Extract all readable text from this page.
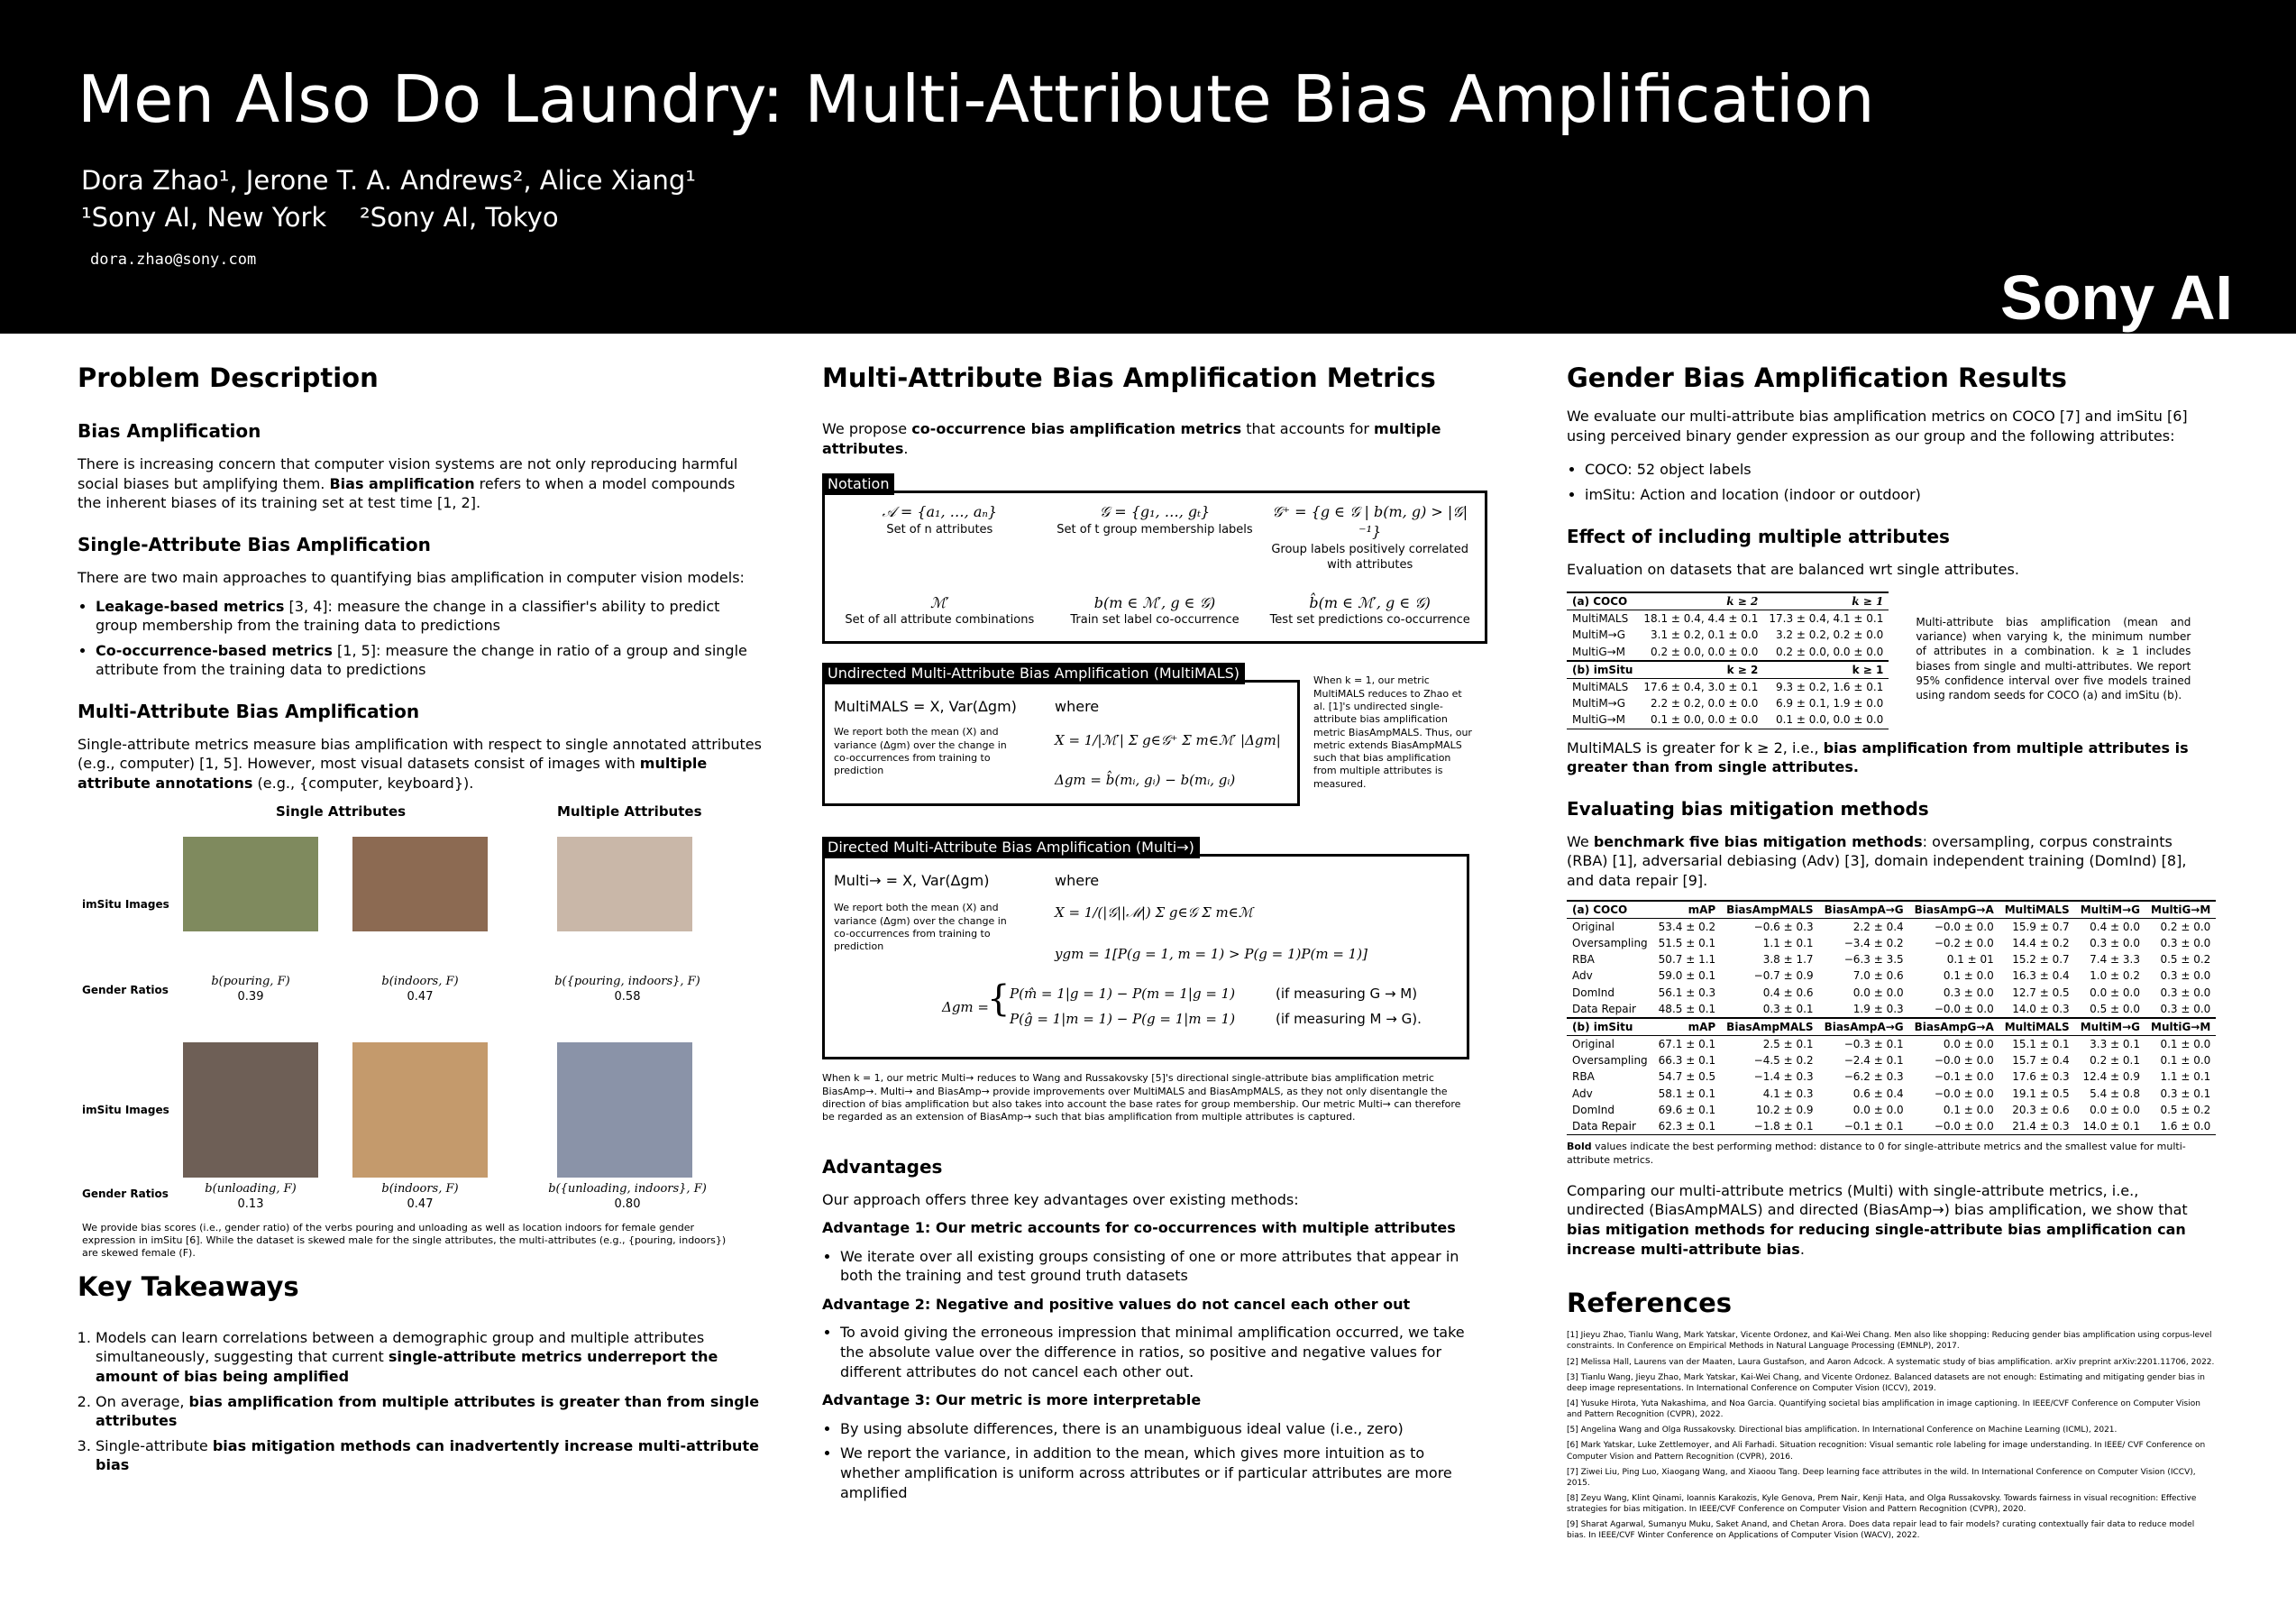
Men Also Do Laundry: Multi-Attribute Bias Amplification
Dora Zhao¹, Jerone T. A. Andrews², Alice Xiang¹
¹Sony AI, New York    ²Sony AI, Tokyo
dora.zhao@sony.com
Sony AI
Problem Description
Bias Amplification

There is increasing concern that computer vision systems are not only reproducing harmful social biases but amplifying them. Bias amplification refers to when a model compounds the inherent biases of its training set at test time [1, 2].

Single-Attribute Bias Amplification

There are two main approaches to quantifying bias amplification in computer vision models:

• Leakage-based metrics [3, 4]: measure the change in a classifier's ability to predict group membership from the training data to predictions
• Co-occurrence-based metrics [1, 5]: measure the change in ratio of a group and single attribute from the training data to predictions
Multi-Attribute Bias Amplification

Single-attribute metrics measure bias amplification with respect to single annotated attributes (e.g., computer) [1, 5]. However, most visual datasets consist of images with multiple attribute annotations (e.g., {computer, keyboard}).

Single Attributes	Multiple Attributes
imSitu Images
Gender Ratios
b(pouring, F)
0.39
b(indoors, F)
0.47
b({pouring, indoors}, F)
0.58
imSitu Images
Gender Ratios	b(unloading, F)
0.13
b(indoors, F)
0.47
b({unloading, indoors}, F)
0.80
We provide bias scores (i.e., gender ratio) of the verbs pouring and unloading as well as location indoors for female gender expression in imSitu [6]. While the dataset is skewed male for the single attributes, the multi-attributes (e.g., {pouring, indoors}) are skewed female (F).
Key Takeaways
1. Models can learn correlations between a demographic group and multiple attributes simultaneously, suggesting that current single-attribute metrics underreport the amount of bias being amplified
2. On average, bias amplification from multiple attributes is greater than from single attributes
3. Single-attribute bias mitigation methods can inadvertently increase multi-attribute bias
Multi-Attribute Bias Amplification Metrics

We propose co-occurrence bias amplification metrics that accounts for multiple attributes.

Notation
𝒜 = {a₁, …, aₙ}
Set of n attributes
𝒢 = {g₁, …, gₜ}
Set of t group membership labels
𝒢⁺ = {g ∈ 𝒢 | b(m, g) > |𝒢|⁻¹}
Group labels positively correlated with attributes
ℳ′
Set of all attribute combinations
b(m ∈ ℳ′, g ∈ 𝒢)
Train set label co-occurrence
b̂(m ∈ ℳ′, g ∈ 𝒢)
Test set predictions co-occurrence
Undirected Multi-Attribute Bias Amplification (MultiMALS)
MultiMALS = X, Var(Δgm)
We report both the mean (X) and variance (Δgm) over the change in co-occurrences from training to prediction
where
X = 1/|ℳ′| Σ g∈𝒢⁺ Σ m∈ℳ′ |Δgm|
Δgm = b̂(mᵢ, gᵢ) − b(mᵢ, gᵢ)
When k = 1, our metric MultiMALS reduces to Zhao et al. [1]'s undirected single-attribute bias amplification metric BiasAmpMALS. Thus, our metric extends BiasAmpMALS such that bias amplification from multiple attributes is measured.
Directed Multi-Attribute Bias Amplification (Multi→)
Multi→ = X, Var(Δgm)
We report both the mean (X) and variance (Δgm) over the change in co-occurrences from training to prediction
where
X = 1/(|𝒢||ℳ|) Σ g∈𝒢 Σ m∈ℳ
ygm = 1[P(g = 1, m = 1) > P(g = 1)P(m = 1)]
Δgm =
{ P(m̂ = 1|g = 1) − P(m = 1|g = 1)	(if measuring G → M)
P(ĝ = 1|m = 1) − P(g = 1|m = 1)	(if measuring M → G).
When k = 1, our metric Multi→ reduces to Wang and Russakovsky [5]'s directional single-attribute bias amplification metric BiasAmp→. Multi→ and BiasAmp→ provide improvements over MultiMALS and BiasAmpMALS, as they not only disentangle the direction of bias amplification but also takes into account the base rates for group membership. Our metric Multi→ can therefore be regarded as an extension of BiasAmp→ such that bias amplification from multiple attributes is captured.
Advantages

Our approach offers three key advantages over existing methods:

Advantage 1: Our metric accounts for co-occurrences with multiple attributes

• We iterate over all existing groups consisting of one or more attributes that appear in both the training and test ground truth datasets

Advantage 2: Negative and positive values do not cancel each other out

• To avoid giving the erroneous impression that minimal amplification occurred, we take the absolute value over the difference in ratios, so positive and negative values for different attributes do not cancel each other out.

Advantage 3: Our metric is more interpretable

• By using absolute differences, there is an unambiguous ideal value (i.e., zero)
• We report the variance, in addition to the mean, which gives more intuition as to whether amplification is uniform across attributes or if particular attributes are more amplified
Gender Bias Amplification Results

We evaluate our multi-attribute bias amplification metrics on COCO [7] and imSitu [6] using perceived binary gender expression as our group and the following attributes:

• COCO: 52 object labels
• imSitu: Action and location (indoor or outdoor)
Effect of including multiple attributes

Evaluation on datasets that are balanced wrt single attributes.

(a) COCO	k ≥ 2	k ≥ 1
MultiMALS	18.1 ± 0.4, 4.4 ± 0.1	17.3 ± 0.4, 4.1 ± 0.1
MultiM→G	3.1 ± 0.2, 0.1 ± 0.0	3.2 ± 0.2, 0.2 ± 0.0
MultiG→M	0.2 ± 0.0, 0.0 ± 0.0	0.2 ± 0.0, 0.0 ± 0.0
(b) imSitu	k ≥ 2	k ≥ 1
MultiMALS	17.6 ± 0.4, 3.0 ± 0.1	9.3 ± 0.2, 1.6 ± 0.1
MultiM→G	2.2 ± 0.2, 0.0 ± 0.0	6.9 ± 0.1, 1.9 ± 0.0
MultiG→M	0.1 ± 0.0, 0.0 ± 0.0	0.1 ± 0.0, 0.0 ± 0.0
Multi-attribute bias amplification (mean and variance) when varying k, the minimum number of attributes in a combination. k ≥ 1 includes biases from single and multi-attributes. We report 95% confidence interval over five models trained using random seeds for COCO (a) and imSitu (b).

MultiMALS is greater for k ≥ 2, i.e., bias amplification from multiple attributes is greater than from single attributes.

Evaluating bias mitigation methods

We benchmark five bias mitigation methods: oversampling, corpus constraints (RBA) [1], adversarial debiasing (Adv) [3], domain independent training (DomInd) [8], and data repair [9].

(a) COCO	mAP	BiasAmpMALS	BiasAmpA→G	BiasAmpG→A	MultiMALS	MultiM→G	MultiG→M
Original	53.4 ± 0.2	−0.6 ± 0.3	2.2 ± 0.4	−0.0 ± 0.0	15.9 ± 0.7	0.4 ± 0.0	0.2 ± 0.0
Oversampling	51.5 ± 0.1	1.1 ± 0.1	−3.4 ± 0.2	−0.2 ± 0.0	14.4 ± 0.2	0.3 ± 0.0	0.3 ± 0.0
RBA	50.7 ± 1.1	3.8 ± 1.7	−6.3 ± 3.5	0.1 ± 01	15.2 ± 0.7	7.4 ± 3.3	0.5 ± 0.2
Adv	59.0 ± 0.1	−0.7 ± 0.9	7.0 ± 0.6	0.1 ± 0.0	16.3 ± 0.4	1.0 ± 0.2	0.3 ± 0.0
DomInd	56.1 ± 0.3	0.4 ± 0.6	0.0 ± 0.0	0.3 ± 0.0	12.7 ± 0.5	0.0 ± 0.0	0.3 ± 0.0
Data Repair	48.5 ± 0.1	0.3 ± 0.1	1.9 ± 0.3	−0.0 ± 0.0	14.0 ± 0.3	0.5 ± 0.0	0.3 ± 0.0
(b) imSitu	mAP	BiasAmpMALS	BiasAmpA→G	BiasAmpG→A	MultiMALS	MultiM→G	MultiG→M
Original	67.1 ± 0.1	2.5 ± 0.1	−0.3 ± 0.1	0.0 ± 0.0	15.1 ± 0.1	3.3 ± 0.1	0.1 ± 0.0
Oversampling	66.3 ± 0.1	−4.5 ± 0.2	−2.4 ± 0.1	−0.0 ± 0.0	15.7 ± 0.4	0.2 ± 0.1	0.1 ± 0.0
RBA	54.7 ± 0.5	−1.4 ± 0.3	−6.2 ± 0.3	−0.1 ± 0.0	17.6 ± 0.3	12.4 ± 0.9	1.1 ± 0.1
Adv	58.1 ± 0.1	4.1 ± 0.3	0.6 ± 0.4	−0.0 ± 0.0	19.1 ± 0.5	5.4 ± 0.8	0.3 ± 0.1
DomInd	69.6 ± 0.1	10.2 ± 0.9	0.0 ± 0.0	0.1 ± 0.0	20.3 ± 0.6	0.0 ± 0.0	0.5 ± 0.2
Data Repair	62.3 ± 0.1	−1.8 ± 0.1	−0.1 ± 0.1	−0.0 ± 0.0	21.4 ± 0.3	14.0 ± 0.1	1.6 ± 0.0
Bold values indicate the best performing method: distance to 0 for single-attribute metrics and the smallest value for multi-attribute metrics.

Comparing our multi-attribute metrics (Multi) with single-attribute metrics, i.e., undirected (BiasAmpMALS) and directed (BiasAmp→) bias amplification, we show that bias mitigation methods for reducing single-attribute bias amplification can increase multi-attribute bias.

References
[1] Jieyu Zhao, Tianlu Wang, Mark Yatskar, Vicente Ordonez, and Kai-Wei Chang. Men also like shopping: Reducing gender bias amplification using corpus-level constraints. In Conference on Empirical Methods in Natural Language Processing (EMNLP), 2017.
[2] Melissa Hall, Laurens van der Maaten, Laura Gustafson, and Aaron Adcock. A systematic study of bias amplification. arXiv preprint arXiv:2201.11706, 2022.
[3] Tianlu Wang, Jieyu Zhao, Mark Yatskar, Kai-Wei Chang, and Vicente Ordonez. Balanced datasets are not enough: Estimating and mitigating gender bias in deep image representations. In International Conference on Computer Vision (ICCV), 2019.
[4] Yusuke Hirota, Yuta Nakashima, and Noa Garcia. Quantifying societal bias amplification in image captioning. In IEEE/CVF Conference on Computer Vision and Pattern Recognition (CVPR), 2022.
[5] Angelina Wang and Olga Russakovsky. Directional bias amplification. In International Conference on Machine Learning (ICML), 2021.
[6] Mark Yatskar, Luke Zettlemoyer, and Ali Farhadi. Situation recognition: Visual semantic role labeling for image understanding. In IEEE/ CVF Conference on Computer Vision and Pattern Recognition (CVPR), 2016.
[7] Ziwei Liu, Ping Luo, Xiaogang Wang, and Xiaoou Tang. Deep learning face attributes in the wild. In International Conference on Computer Vision (ICCV), 2015.
[8] Zeyu Wang, Klint Qinami, Ioannis Karakozis, Kyle Genova, Prem Nair, Kenji Hata, and Olga Russakovsky. Towards fairness in visual recognition: Effective strategies for bias mitigation. In IEEE/CVF Conference on Computer Vision and Pattern Recognition (CVPR), 2020.
[9] Sharat Agarwal, Sumanyu Muku, Saket Anand, and Chetan Arora. Does data repair lead to fair models? curating contextually fair data to reduce model bias. In IEEE/CVF Winter Conference on Applications of Computer Vision (WACV), 2022.
